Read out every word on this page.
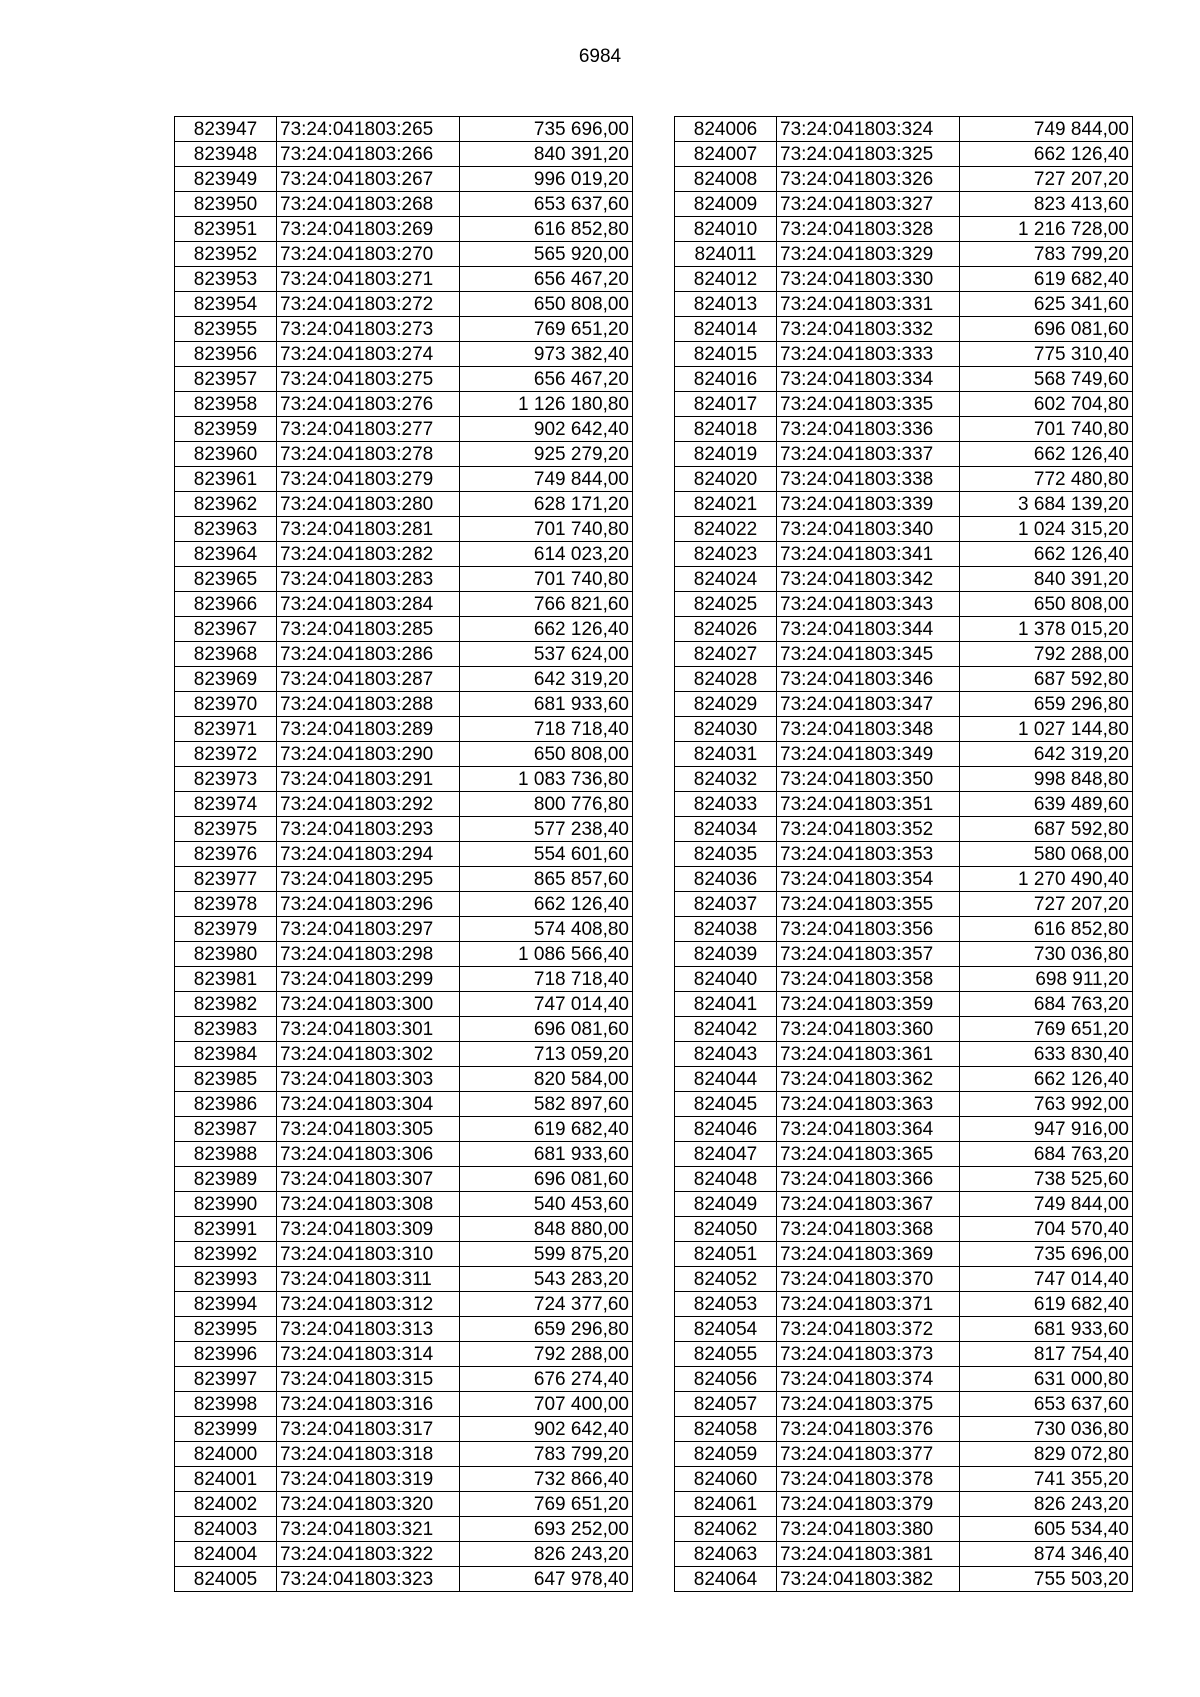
6984
823947	73:24:041803:265	735 696,00
823948	73:24:041803:266	840 391,20
823949	73:24:041803:267	996 019,20
823950	73:24:041803:268	653 637,60
823951	73:24:041803:269	616 852,80
823952	73:24:041803:270	565 920,00
823953	73:24:041803:271	656 467,20
823954	73:24:041803:272	650 808,00
823955	73:24:041803:273	769 651,20
823956	73:24:041803:274	973 382,40
823957	73:24:041803:275	656 467,20
823958	73:24:041803:276	1 126 180,80
823959	73:24:041803:277	902 642,40
823960	73:24:041803:278	925 279,20
823961	73:24:041803:279	749 844,00
823962	73:24:041803:280	628 171,20
823963	73:24:041803:281	701 740,80
823964	73:24:041803:282	614 023,20
823965	73:24:041803:283	701 740,80
823966	73:24:041803:284	766 821,60
823967	73:24:041803:285	662 126,40
823968	73:24:041803:286	537 624,00
823969	73:24:041803:287	642 319,20
823970	73:24:041803:288	681 933,60
823971	73:24:041803:289	718 718,40
823972	73:24:041803:290	650 808,00
823973	73:24:041803:291	1 083 736,80
823974	73:24:041803:292	800 776,80
823975	73:24:041803:293	577 238,40
823976	73:24:041803:294	554 601,60
823977	73:24:041803:295	865 857,60
823978	73:24:041803:296	662 126,40
823979	73:24:041803:297	574 408,80
823980	73:24:041803:298	1 086 566,40
823981	73:24:041803:299	718 718,40
823982	73:24:041803:300	747 014,40
823983	73:24:041803:301	696 081,60
823984	73:24:041803:302	713 059,20
823985	73:24:041803:303	820 584,00
823986	73:24:041803:304	582 897,60
823987	73:24:041803:305	619 682,40
823988	73:24:041803:306	681 933,60
823989	73:24:041803:307	696 081,60
823990	73:24:041803:308	540 453,60
823991	73:24:041803:309	848 880,00
823992	73:24:041803:310	599 875,20
823993	73:24:041803:311	543 283,20
823994	73:24:041803:312	724 377,60
823995	73:24:041803:313	659 296,80
823996	73:24:041803:314	792 288,00
823997	73:24:041803:315	676 274,40
823998	73:24:041803:316	707 400,00
823999	73:24:041803:317	902 642,40
824000	73:24:041803:318	783 799,20
824001	73:24:041803:319	732 866,40
824002	73:24:041803:320	769 651,20
824003	73:24:041803:321	693 252,00
824004	73:24:041803:322	826 243,20
824005	73:24:041803:323	647 978,40
824006	73:24:041803:324	749 844,00
824007	73:24:041803:325	662 126,40
824008	73:24:041803:326	727 207,20
824009	73:24:041803:327	823 413,60
824010	73:24:041803:328	1 216 728,00
824011	73:24:041803:329	783 799,20
824012	73:24:041803:330	619 682,40
824013	73:24:041803:331	625 341,60
824014	73:24:041803:332	696 081,60
824015	73:24:041803:333	775 310,40
824016	73:24:041803:334	568 749,60
824017	73:24:041803:335	602 704,80
824018	73:24:041803:336	701 740,80
824019	73:24:041803:337	662 126,40
824020	73:24:041803:338	772 480,80
824021	73:24:041803:339	3 684 139,20
824022	73:24:041803:340	1 024 315,20
824023	73:24:041803:341	662 126,40
824024	73:24:041803:342	840 391,20
824025	73:24:041803:343	650 808,00
824026	73:24:041803:344	1 378 015,20
824027	73:24:041803:345	792 288,00
824028	73:24:041803:346	687 592,80
824029	73:24:041803:347	659 296,80
824030	73:24:041803:348	1 027 144,80
824031	73:24:041803:349	642 319,20
824032	73:24:041803:350	998 848,80
824033	73:24:041803:351	639 489,60
824034	73:24:041803:352	687 592,80
824035	73:24:041803:353	580 068,00
824036	73:24:041803:354	1 270 490,40
824037	73:24:041803:355	727 207,20
824038	73:24:041803:356	616 852,80
824039	73:24:041803:357	730 036,80
824040	73:24:041803:358	698 911,20
824041	73:24:041803:359	684 763,20
824042	73:24:041803:360	769 651,20
824043	73:24:041803:361	633 830,40
824044	73:24:041803:362	662 126,40
824045	73:24:041803:363	763 992,00
824046	73:24:041803:364	947 916,00
824047	73:24:041803:365	684 763,20
824048	73:24:041803:366	738 525,60
824049	73:24:041803:367	749 844,00
824050	73:24:041803:368	704 570,40
824051	73:24:041803:369	735 696,00
824052	73:24:041803:370	747 014,40
824053	73:24:041803:371	619 682,40
824054	73:24:041803:372	681 933,60
824055	73:24:041803:373	817 754,40
824056	73:24:041803:374	631 000,80
824057	73:24:041803:375	653 637,60
824058	73:24:041803:376	730 036,80
824059	73:24:041803:377	829 072,80
824060	73:24:041803:378	741 355,20
824061	73:24:041803:379	826 243,20
824062	73:24:041803:380	605 534,40
824063	73:24:041803:381	874 346,40
824064	73:24:041803:382	755 503,20
